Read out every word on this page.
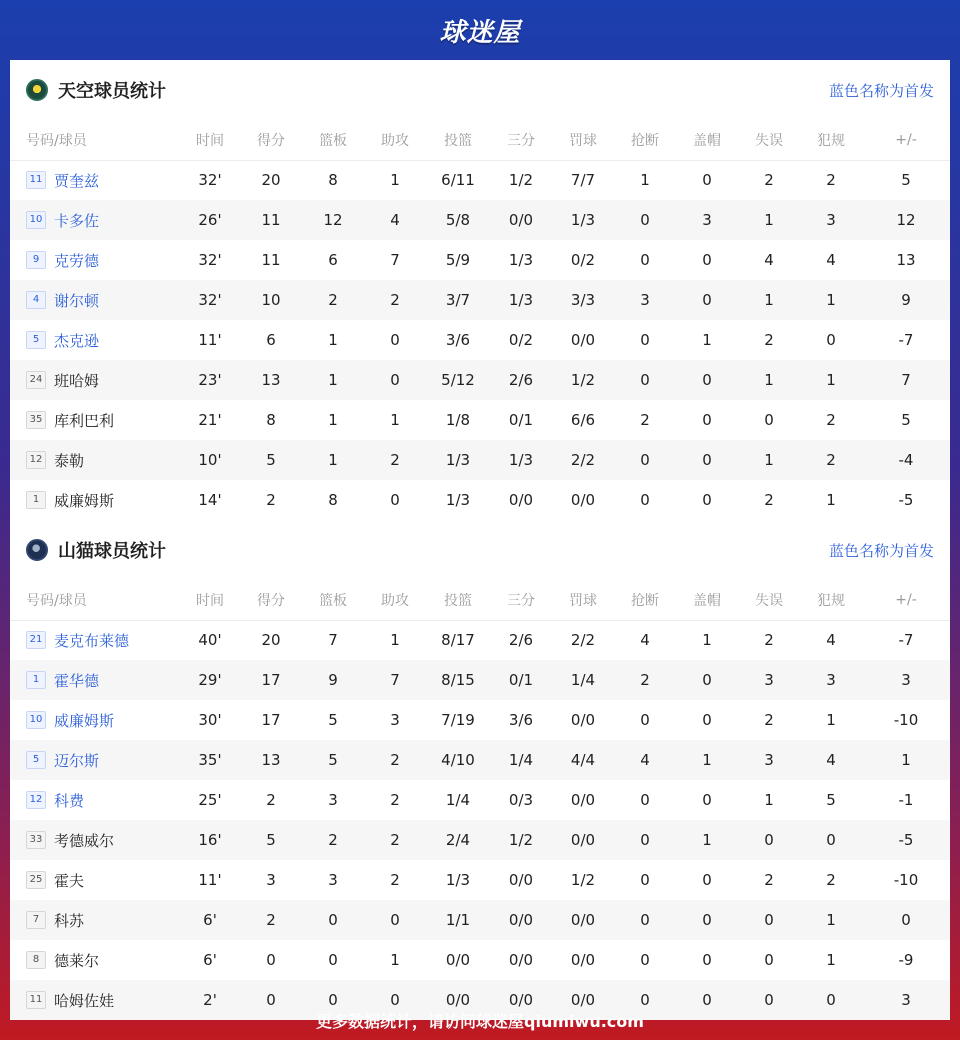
球迷屋
天空球员统计	蓝色名称为首发
号码/球员	时间	得分	篮板	助攻	投篮	三分	罚球	抢断	盖帽	失误	犯规	+/-
11 贾奎兹	32'	20	8	1	6/11	1/2	7/7	1	0	2	2	5
10 卡多佐	26'	11	12	4	5/8	0/0	1/3	0	3	1	3	12
9 克劳德	32'	11	6	7	5/9	1/3	0/2	0	0	4	4	13
4 谢尔顿	32'	10	2	2	3/7	1/3	3/3	3	0	1	1	9
5 杰克逊	11'	6	1	0	3/6	0/2	0/0	0	1	2	0	-7
24 班哈姆	23'	13	1	0	5/12	2/6	1/2	0	0	1	1	7
35 库利巴利	21'	8	1	1	1/8	0/1	6/6	2	0	0	2	5
12 泰勒	10'	5	1	2	1/3	1/3	2/2	0	0	1	2	-4
1 威廉姆斯	14'	2	8	0	1/3	0/0	0/0	0	0	2	1	-5
山猫球员统计	蓝色名称为首发
号码/球员	时间	得分	篮板	助攻	投篮	三分	罚球	抢断	盖帽	失误	犯规	+/-
21 麦克布莱德	40'	20	7	1	8/17	2/6	2/2	4	1	2	4	-7
1 霍华德	29'	17	9	7	8/15	0/1	1/4	2	0	3	3	3
10 威廉姆斯	30'	17	5	3	7/19	3/6	0/0	0	0	2	1	-10
5 迈尔斯	35'	13	5	2	4/10	1/4	4/4	4	1	3	4	1
12 科费	25'	2	3	2	1/4	0/3	0/0	0	0	1	5	-1
33 考德威尔	16'	5	2	2	2/4	1/2	0/0	0	1	0	0	-5
25 霍夫	11'	3	3	2	1/3	0/0	1/2	0	0	2	2	-10
7 科苏	6'	2	0	0	1/1	0/0	0/0	0	0	0	1	0
8 德莱尔	6'	0	0	1	0/0	0/0	0/0	0	0	0	1	-9
11 哈姆佐娃	2'	0	0	0	0/0	0/0	0/0	0	0	0	0	3
更多数据统计，请访问球迷屋qiumiwu.com
